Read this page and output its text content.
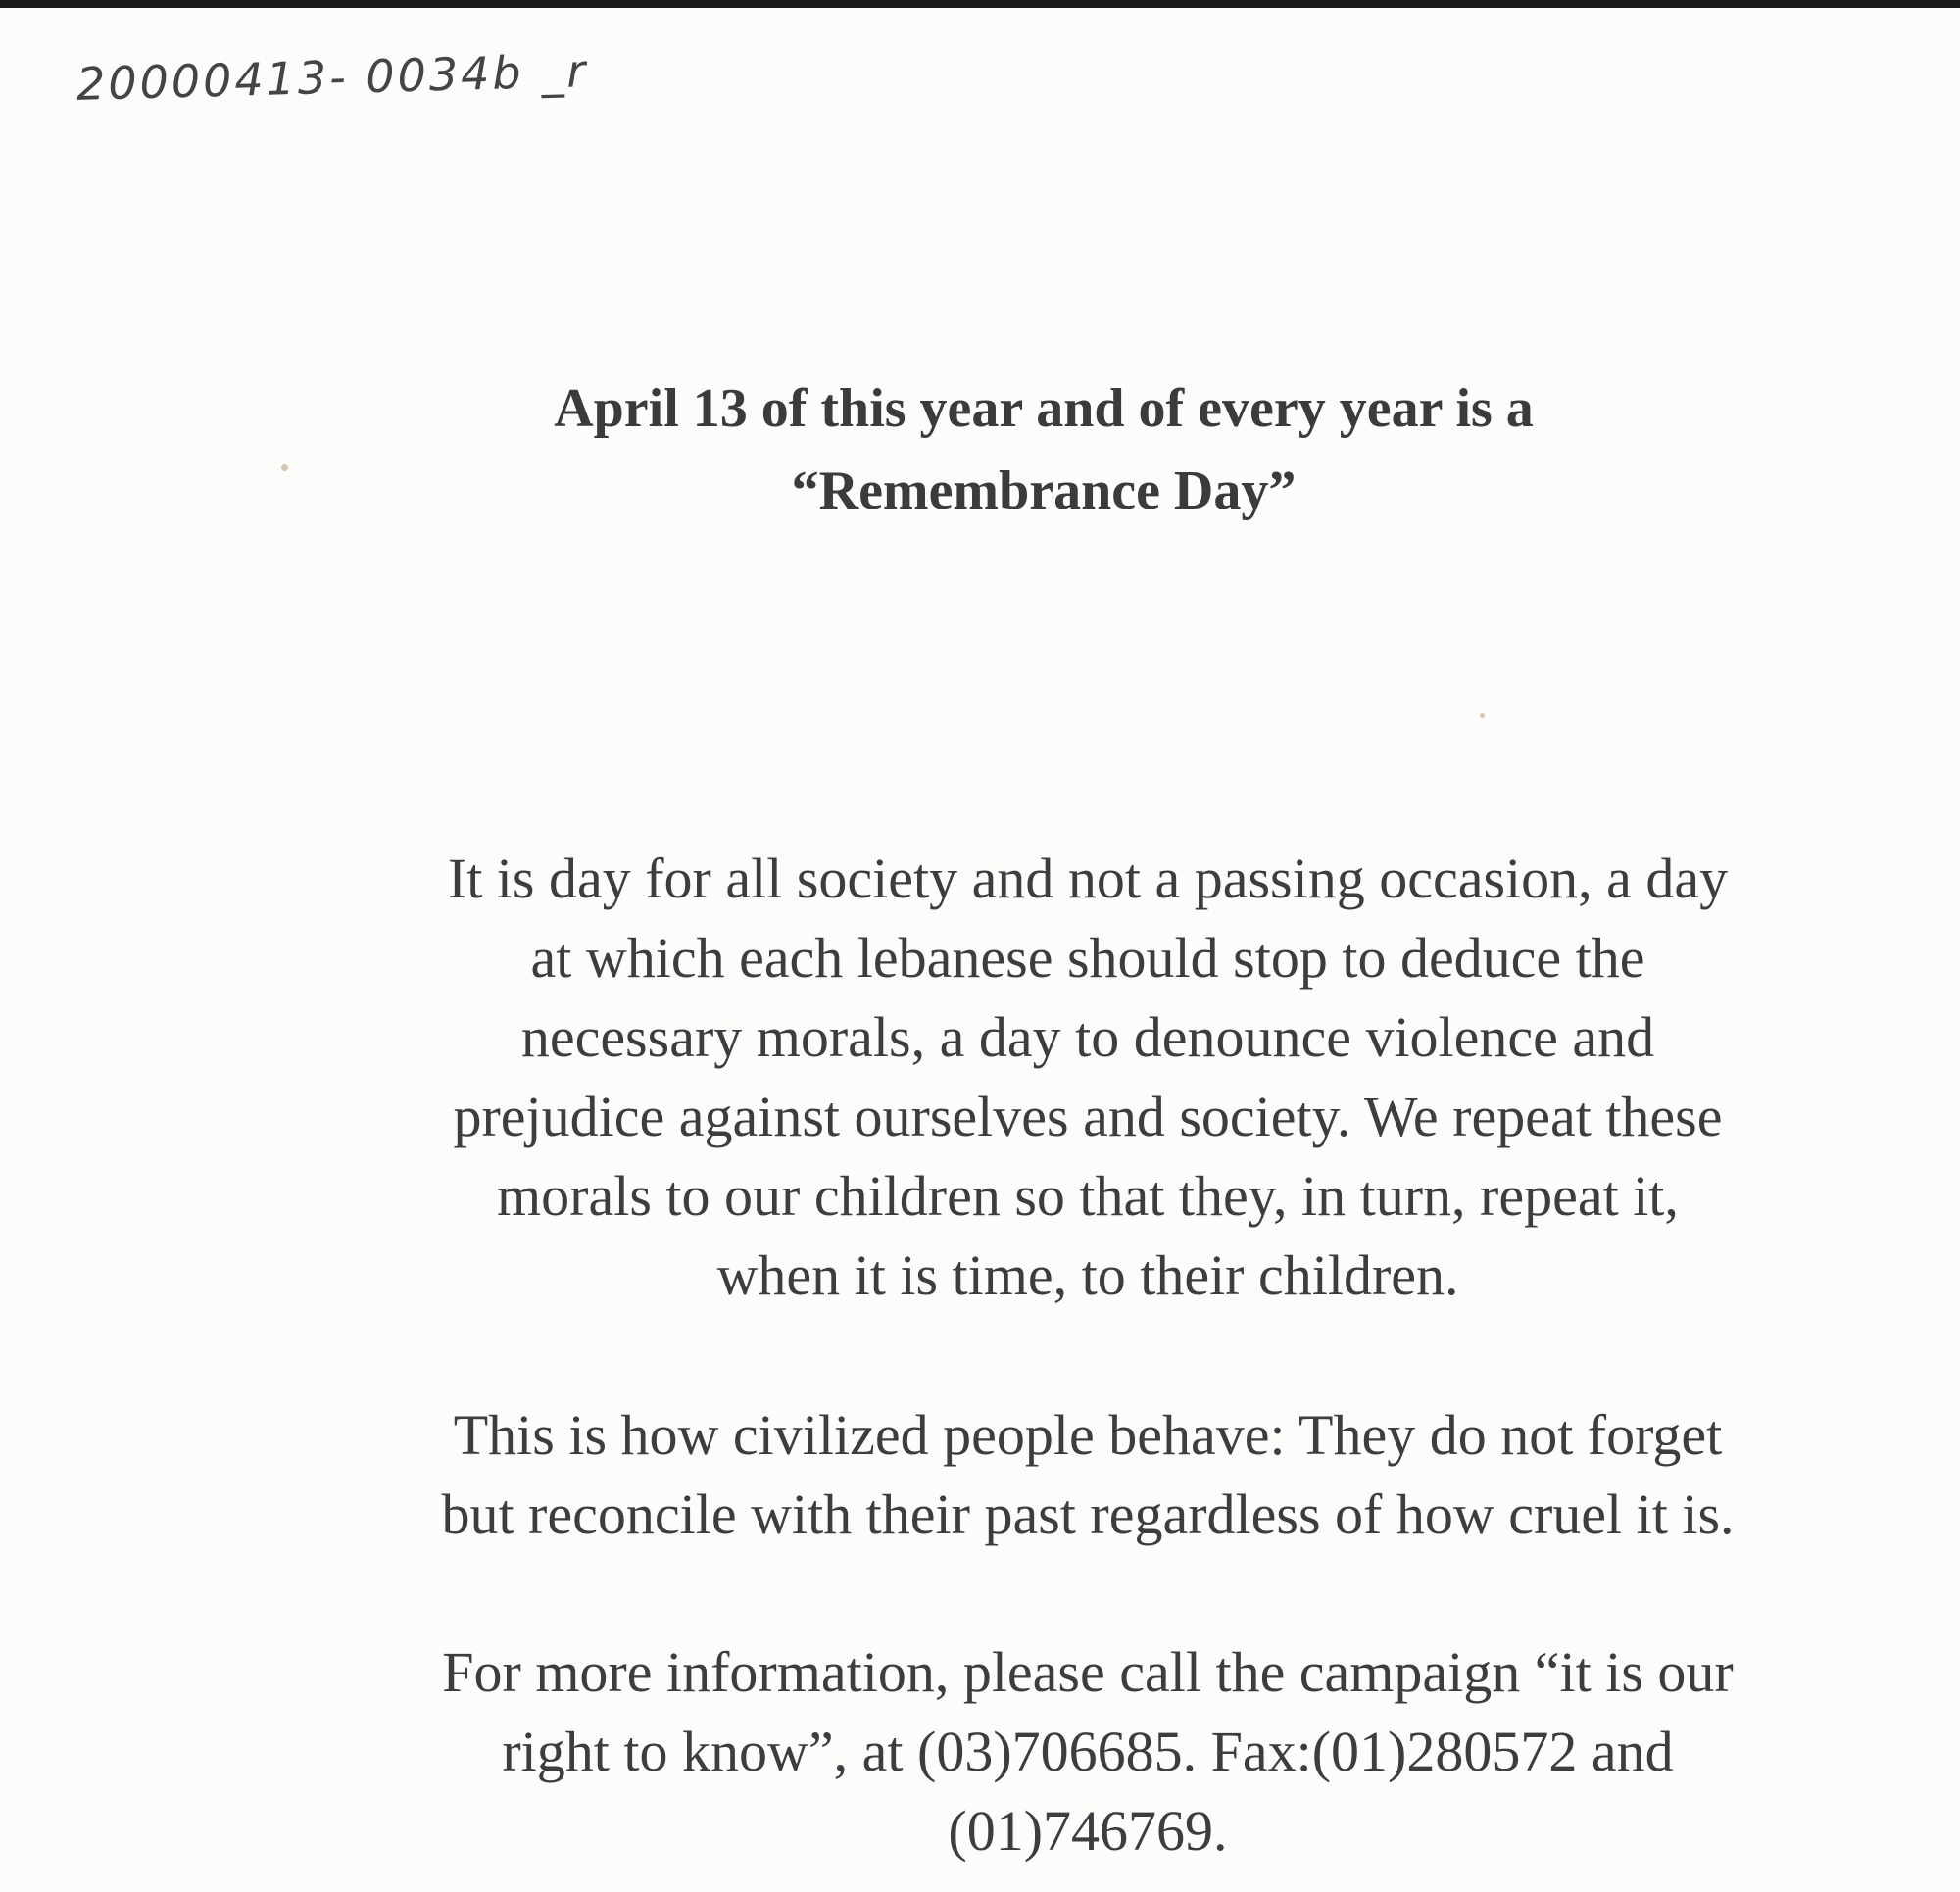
20000413- 0034b _r
April 13 of this year and of every year is a
“Remembrance Day”
It is day for all society and not a passing occasion, a day
at which each lebanese should stop to deduce the
necessary morals, a day to denounce violence and
prejudice against ourselves and society. We repeat these
morals to our children so that they, in turn, repeat it,
when it is time, to their children.
This is how civilized people behave: They do not forget
but reconcile with their past regardless of how cruel it is.
For more information, please call the campaign “it is our
right to know”, at (03)706685. Fax:(01)280572 and
(01)746769.
